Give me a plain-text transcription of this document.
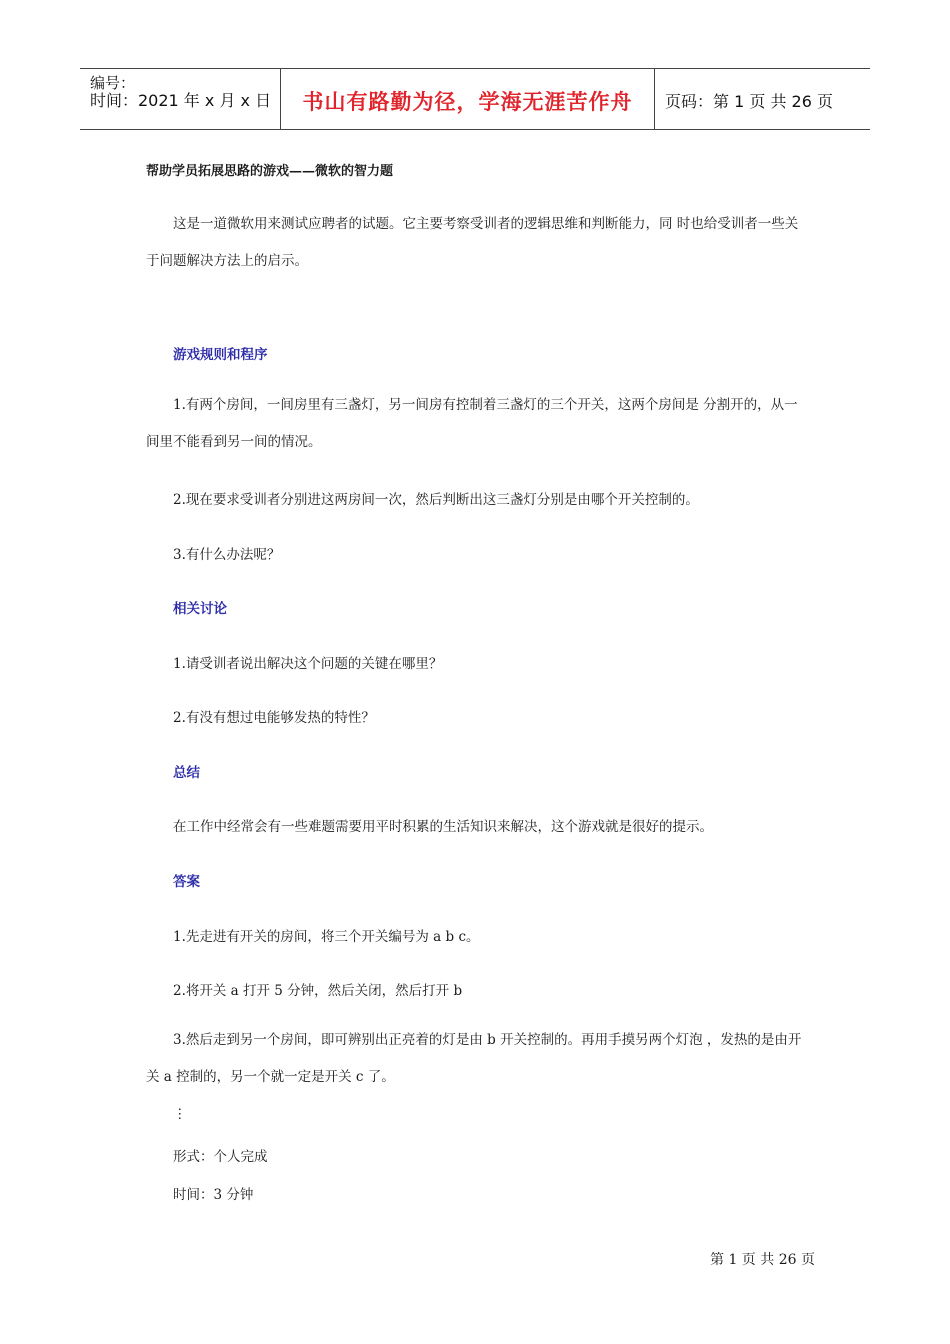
编号：
时间：2021 年 x 月 x 日	书山有路勤为径，学海无涯苦作舟	页码：第 1 页 共 26 页
帮助学员拓展思路的游戏——微软的智力题
这是一道微软用来测试应聘者的试题。它主要考察受训者的逻辑思维和判断能力，同 时也给受训者一些关于问题解决方法上的启示。
游戏规则和程序
1.有两个房间，一间房里有三盏灯，另一间房有控制着三盏灯的三个开关，这两个房间是 分割开的，从一间里不能看到另一间的情况。
2.现在要求受训者分别进这两房间一次，然后判断出这三盏灯分别是由哪个开关控制的。
3.有什么办法呢？
相关讨论
1.请受训者说出解决这个问题的关键在哪里？
2.有没有想过电能够发热的特性？
总结
在工作中经常会有一些难题需要用平时积累的生活知识来解决，这个游戏就是很好的提示。
答案
1.先走进有开关的房间，将三个开关编号为 a b c。
2.将开关 a 打开 5 分钟，然后关闭，然后打开 b
3.然后走到另一个房间，即可辨别出正亮着的灯是由 b 开关控制的。再用手摸另两个灯泡 ，发热的是由开关 a 控制的，另一个就一定是开关 c 了。
⋮
形式：个人完成
时间：3 分钟
第 1 页 共 26 页
